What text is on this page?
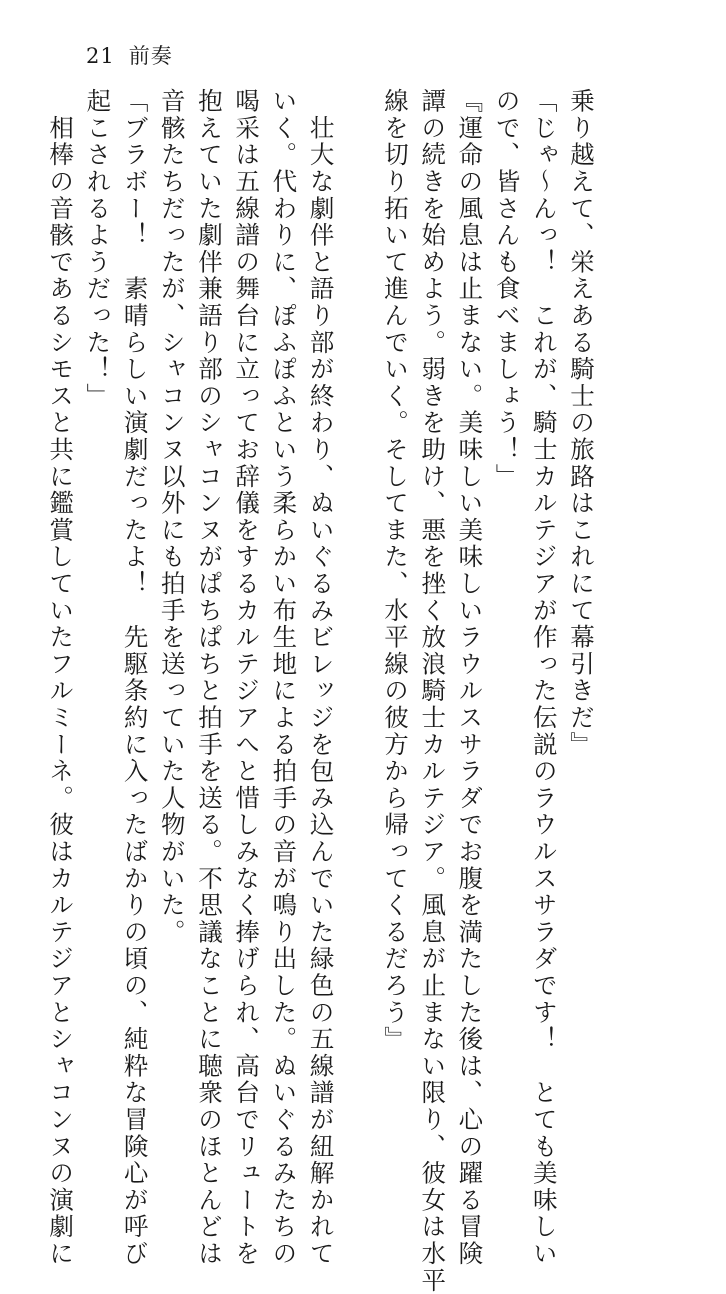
21 前奏
乗り越えて、栄えある騎士の旅路はこれにて幕引きだ』
「じゃ〜んっ！　これが、騎士カルテジアが作った伝説のラウルスサラダです！　とても美味しい
ので、皆さんも食べましょう！」
『運命の風息は止まない。美味しい美味しいラウルスサラダでお腹を満たした後は、心の躍る冒険
譚の続きを始めよう。弱きを助け、悪を挫く放浪騎士カルテジア。風息が止まない限り、彼女は水平
線を切り拓いて進んでいく。そしてまた、水平線の彼方から帰ってくるだろう』
　壮大な劇伴と語り部が終わり、ぬいぐるみビレッジを包み込んでいた緑色の五線譜が紐解かれて
いく。代わりに、ぽふぽふという柔らかい布生地による拍手の音が鳴り出した。ぬいぐるみたちの
喝采は五線譜の舞台に立ってお辞儀をするカルテジアへと惜しみなく捧げられ、高台でリュートを
抱えていた劇伴兼語り部のシャコンヌがぱちぱちと拍手を送る。不思議なことに聴衆のほとんどは
音骸たちだったが、シャコンヌ以外にも拍手を送っていた人物がいた。
「ブラボー！　素晴らしい演劇だったよ！　先駆条約に入ったばかりの頃の、純粋な冒険心が呼び
起こされるようだった！」
　相棒の音骸であるシモスと共に鑑賞していたフルミーネ。彼はカルテジアとシャコンヌの演劇に
